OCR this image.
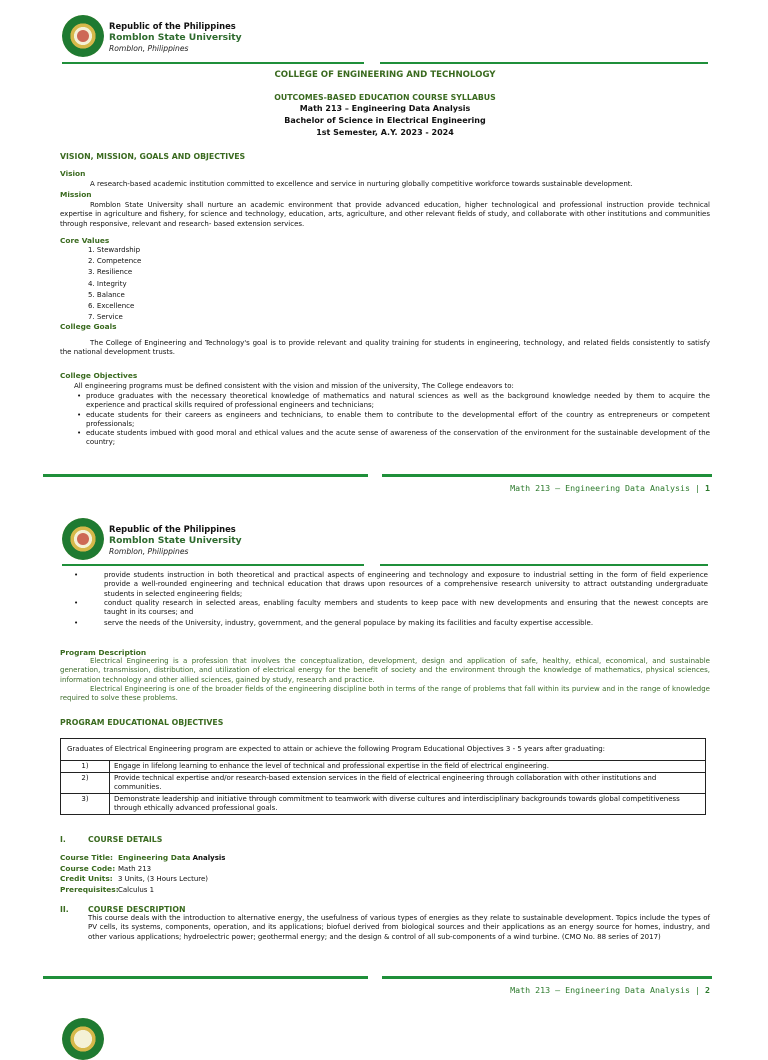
Republic of the Philippines
Romblon State University
Romblon, Philippines
COLLEGE OF ENGINEERING AND TECHNOLOGY
OUTCOMES-BASED EDUCATION COURSE SYLLABUS
Math 213 – Engineering Data Analysis
Bachelor of Science in Electrical Engineering
1st Semester, A.Y. 2023 - 2024
VISION, MISSION, GOALS AND OBJECTIVES
Vision
A research-based academic institution committed to excellence and service in nurturing globally competitive workforce towards sustainable development.
Mission
Romblon State University shall nurture an academic environment that provide advanced education, higher technological and professional instruction provide technical expertise in agriculture and fishery, for science and technology, education, arts, agriculture, and other relevant fields of study, and collaborate with other institutions and communities through responsive, relevant and research- based extension services.
Core Values
1. Stewardship
2. Competence
3. Resilience
4. Integrity
5. Balance
6. Excellence
7. Service
College Goals
The College of Engineering and Technology's goal is to provide relevant and quality training for students in engineering, technology, and related fields consistently to satisfy the national development trusts.
College Objectives
All engineering programs must be defined consistent with the vision and mission of the university, The College endeavors to:
• produce graduates with the necessary theoretical knowledge of mathematics and natural sciences as well as the background knowledge needed by them to acquire the experience and practical skills required of professional engineers and technicians;
• educate students for their careers as engineers and technicians, to enable them to contribute to the developmental effort of the country as entrepreneurs or competent professionals;
• educate students imbued with good moral and ethical values and the acute sense of awareness of the conservation of the environment for the sustainable development of the country;
Math 213 – Engineering Data Analysis | 1
Republic of the Philippines
Romblon State University
Romblon, Philippines
• provide students instruction in both theoretical and practical aspects of engineering and technology and exposure to industrial setting in the form of field experience provide a well-rounded engineering and technical education that draws upon resources of a comprehensive research university to attract outstanding undergraduate students in selected engineering fields;
• conduct quality research in selected areas, enabling faculty members and students to keep pace with new developments and ensuring that the newest concepts are taught in its courses; and
• serve the needs of the University, industry, government, and the general populace by making its facilities and faculty expertise accessible.
Program Description
Electrical Engineering is a profession that involves the conceptualization, development, design and application of safe, healthy, ethical, economical, and sustainable generation, transmission, distribution, and utilization of electrical energy for the benefit of society and the environment through the knowledge of mathematics, physical sciences, information technology and other allied sciences, gained by study, research and practice.
Electrical Engineering is one of the broader fields of the engineering discipline both in terms of the range of problems that fall within its purview and in the range of knowledge required to solve these problems.
PROGRAM EDUCATIONAL OBJECTIVES
Graduates of Electrical Engineering program are expected to attain or achieve the following Program Educational Objectives 3 - 5 years after graduating:
1)	Engage in lifelong learning to enhance the level of technical and professional expertise in the field of electrical engineering.
2)	Provide technical expertise and/or research-based extension services in the field of electrical engineering through collaboration with other institutions and communities.
3)	Demonstrate leadership and initiative through commitment to teamwork with diverse cultures and interdisciplinary backgrounds towards global competitiveness through ethically advanced professional goals.
I.	COURSE DETAILS
Course Title: Engineering Data Analysis
Course Code: Math 213
Credit Units: 3 Units, (3 Hours Lecture)
Prerequisites:Calculus 1
II. COURSE DESCRIPTION
This course deals with the introduction to alternative energy, the usefulness of various types of energies as they relate to sustainable development. Topics include the types of PV cells, its systems, components, operation, and its applications; biofuel derived from biological sources and their applications as an energy source for homes, industry, and other various applications; hydroelectric power; geothermal energy; and the design & control of all sub-components of a wind turbine. (CMO No. 88 series of 2017)
Math 213 – Engineering Data Analysis | 2
